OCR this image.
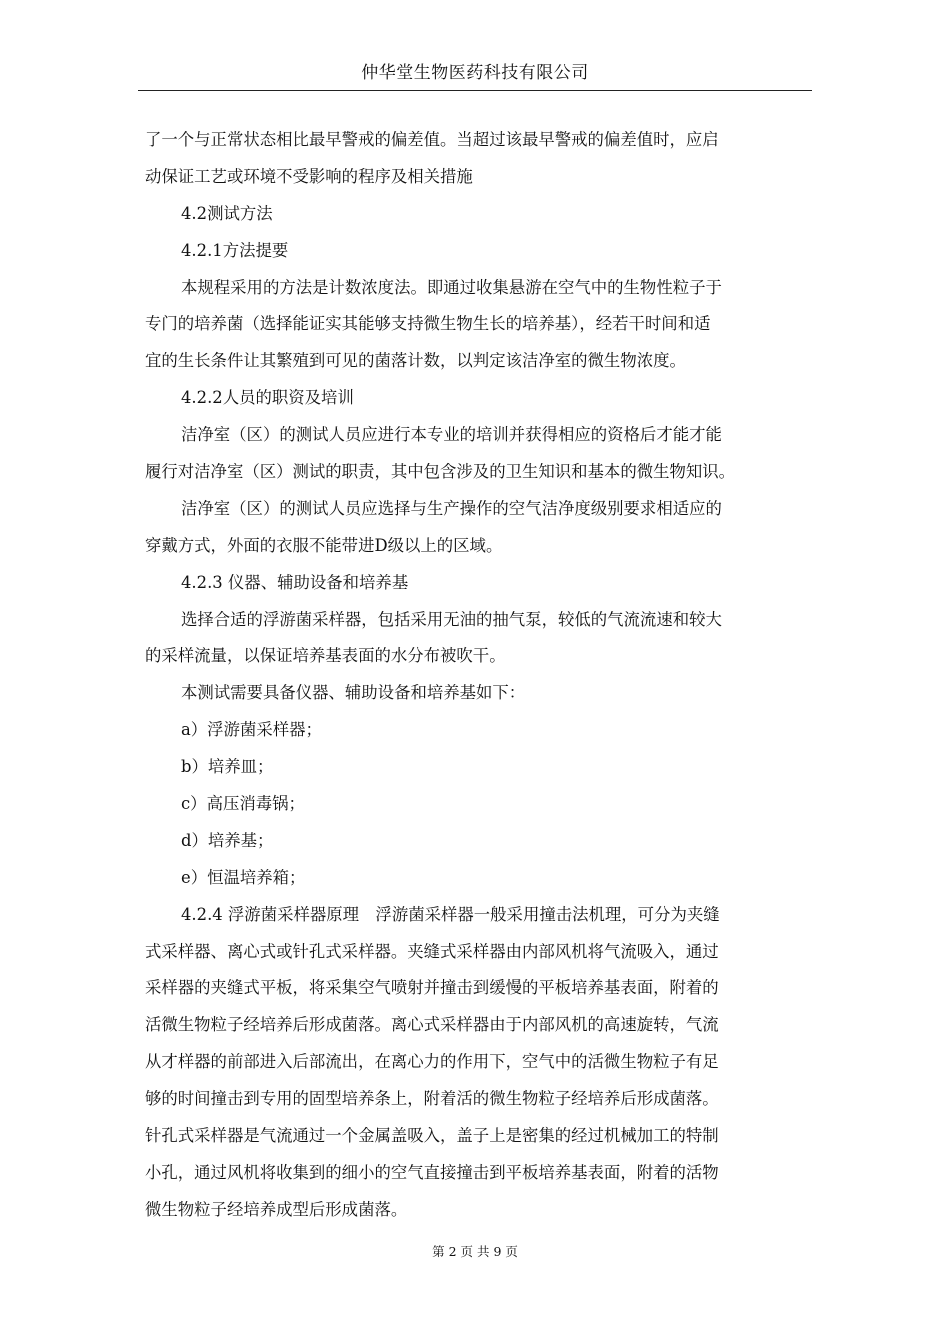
仲华堂生物医药科技有限公司
了一个与正常状态相比最早警戒的偏差值。当超过该最早警戒的偏差值时，应启
动保证工艺或环境不受影响的程序及相关措施
4.2测试方法
4.2.1方法提要
本规程采用的方法是计数浓度法。即通过收集悬游在空气中的生物性粒子于
专门的培养菌（选择能证实其能够支持微生物生长的培养基），经若干时间和适
宜的生长条件让其繁殖到可见的菌落计数，以判定该洁净室的微生物浓度。
4.2.2人员的职资及培训
洁净室（区）的测试人员应进行本专业的培训并获得相应的资格后才能才能
履行对洁净室（区）测试的职责，其中包含涉及的卫生知识和基本的微生物知识。
洁净室（区）的测试人员应选择与生产操作的空气洁净度级别要求相适应的
穿戴方式，外面的衣服不能带进D级以上的区域。
4.2.3 仪器、辅助设备和培养基
选择合适的浮游菌采样器，包括采用无油的抽气泵，较低的气流流速和较大
的采样流量，以保证培养基表面的水分布被吹干。
本测试需要具备仪器、辅助设备和培养基如下：
a）浮游菌采样器；
b）培养皿；
c）高压消毒锅；
d）培养基；
e）恒温培养箱；
4.2.4 浮游菌采样器原理　浮游菌采样器一般采用撞击法机理，可分为夹缝
式采样器、离心式或针孔式采样器。夹缝式采样器由内部风机将气流吸入，通过
采样器的夹缝式平板，将采集空气喷射并撞击到缓慢的平板培养基表面，附着的
活微生物粒子经培养后形成菌落。离心式采样器由于内部风机的高速旋转，气流
从才样器的前部进入后部流出，在离心力的作用下，空气中的活微生物粒子有足
够的时间撞击到专用的固型培养条上，附着活的微生物粒子经培养后形成菌落。
针孔式采样器是气流通过一个金属盖吸入，盖子上是密集的经过机械加工的特制
小孔，通过风机将收集到的细小的空气直接撞击到平板培养基表面，附着的活物
微生物粒子经培养成型后形成菌落。
第 2 页 共 9 页
